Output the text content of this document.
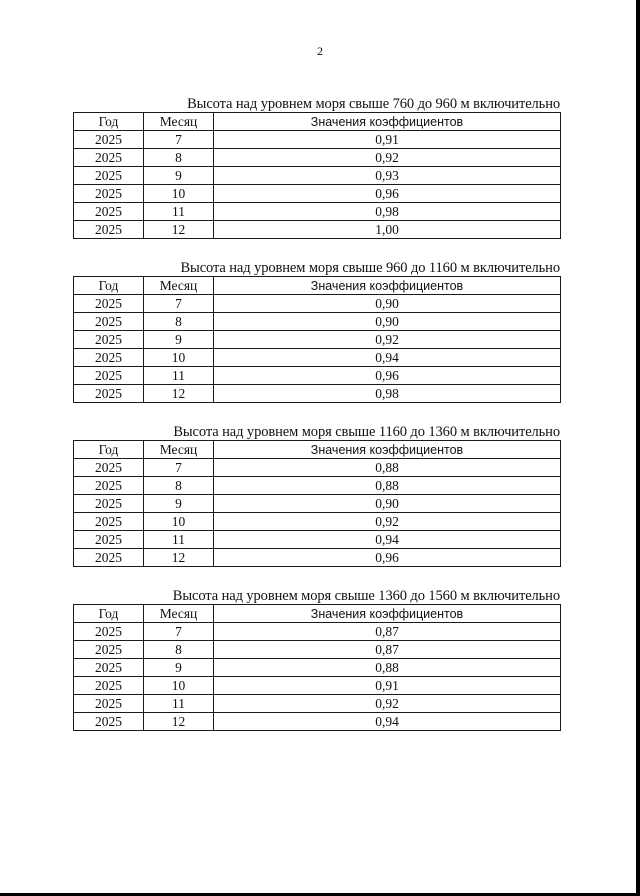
2
Высота над уровнем моря свыше 760 до 960 м включительно
Год	Месяц	Значения коэффициентов
2025	7	0,91
2025	8	0,92
2025	9	0,93
2025	10	0,96
2025	11	0,98
2025	12	1,00
Высота над уровнем моря свыше 960 до 1160 м включительно
Год	Месяц	Значения коэффициентов
2025	7	0,90
2025	8	0,90
2025	9	0,92
2025	10	0,94
2025	11	0,96
2025	12	0,98
Высота над уровнем моря свыше 1160 до 1360 м включительно
Год	Месяц	Значения коэффициентов
2025	7	0,88
2025	8	0,88
2025	9	0,90
2025	10	0,92
2025	11	0,94
2025	12	0,96
Высота над уровнем моря свыше 1360 до 1560 м включительно
Год	Месяц	Значения коэффициентов
2025	7	0,87
2025	8	0,87
2025	9	0,88
2025	10	0,91
2025	11	0,92
2025	12	0,94
